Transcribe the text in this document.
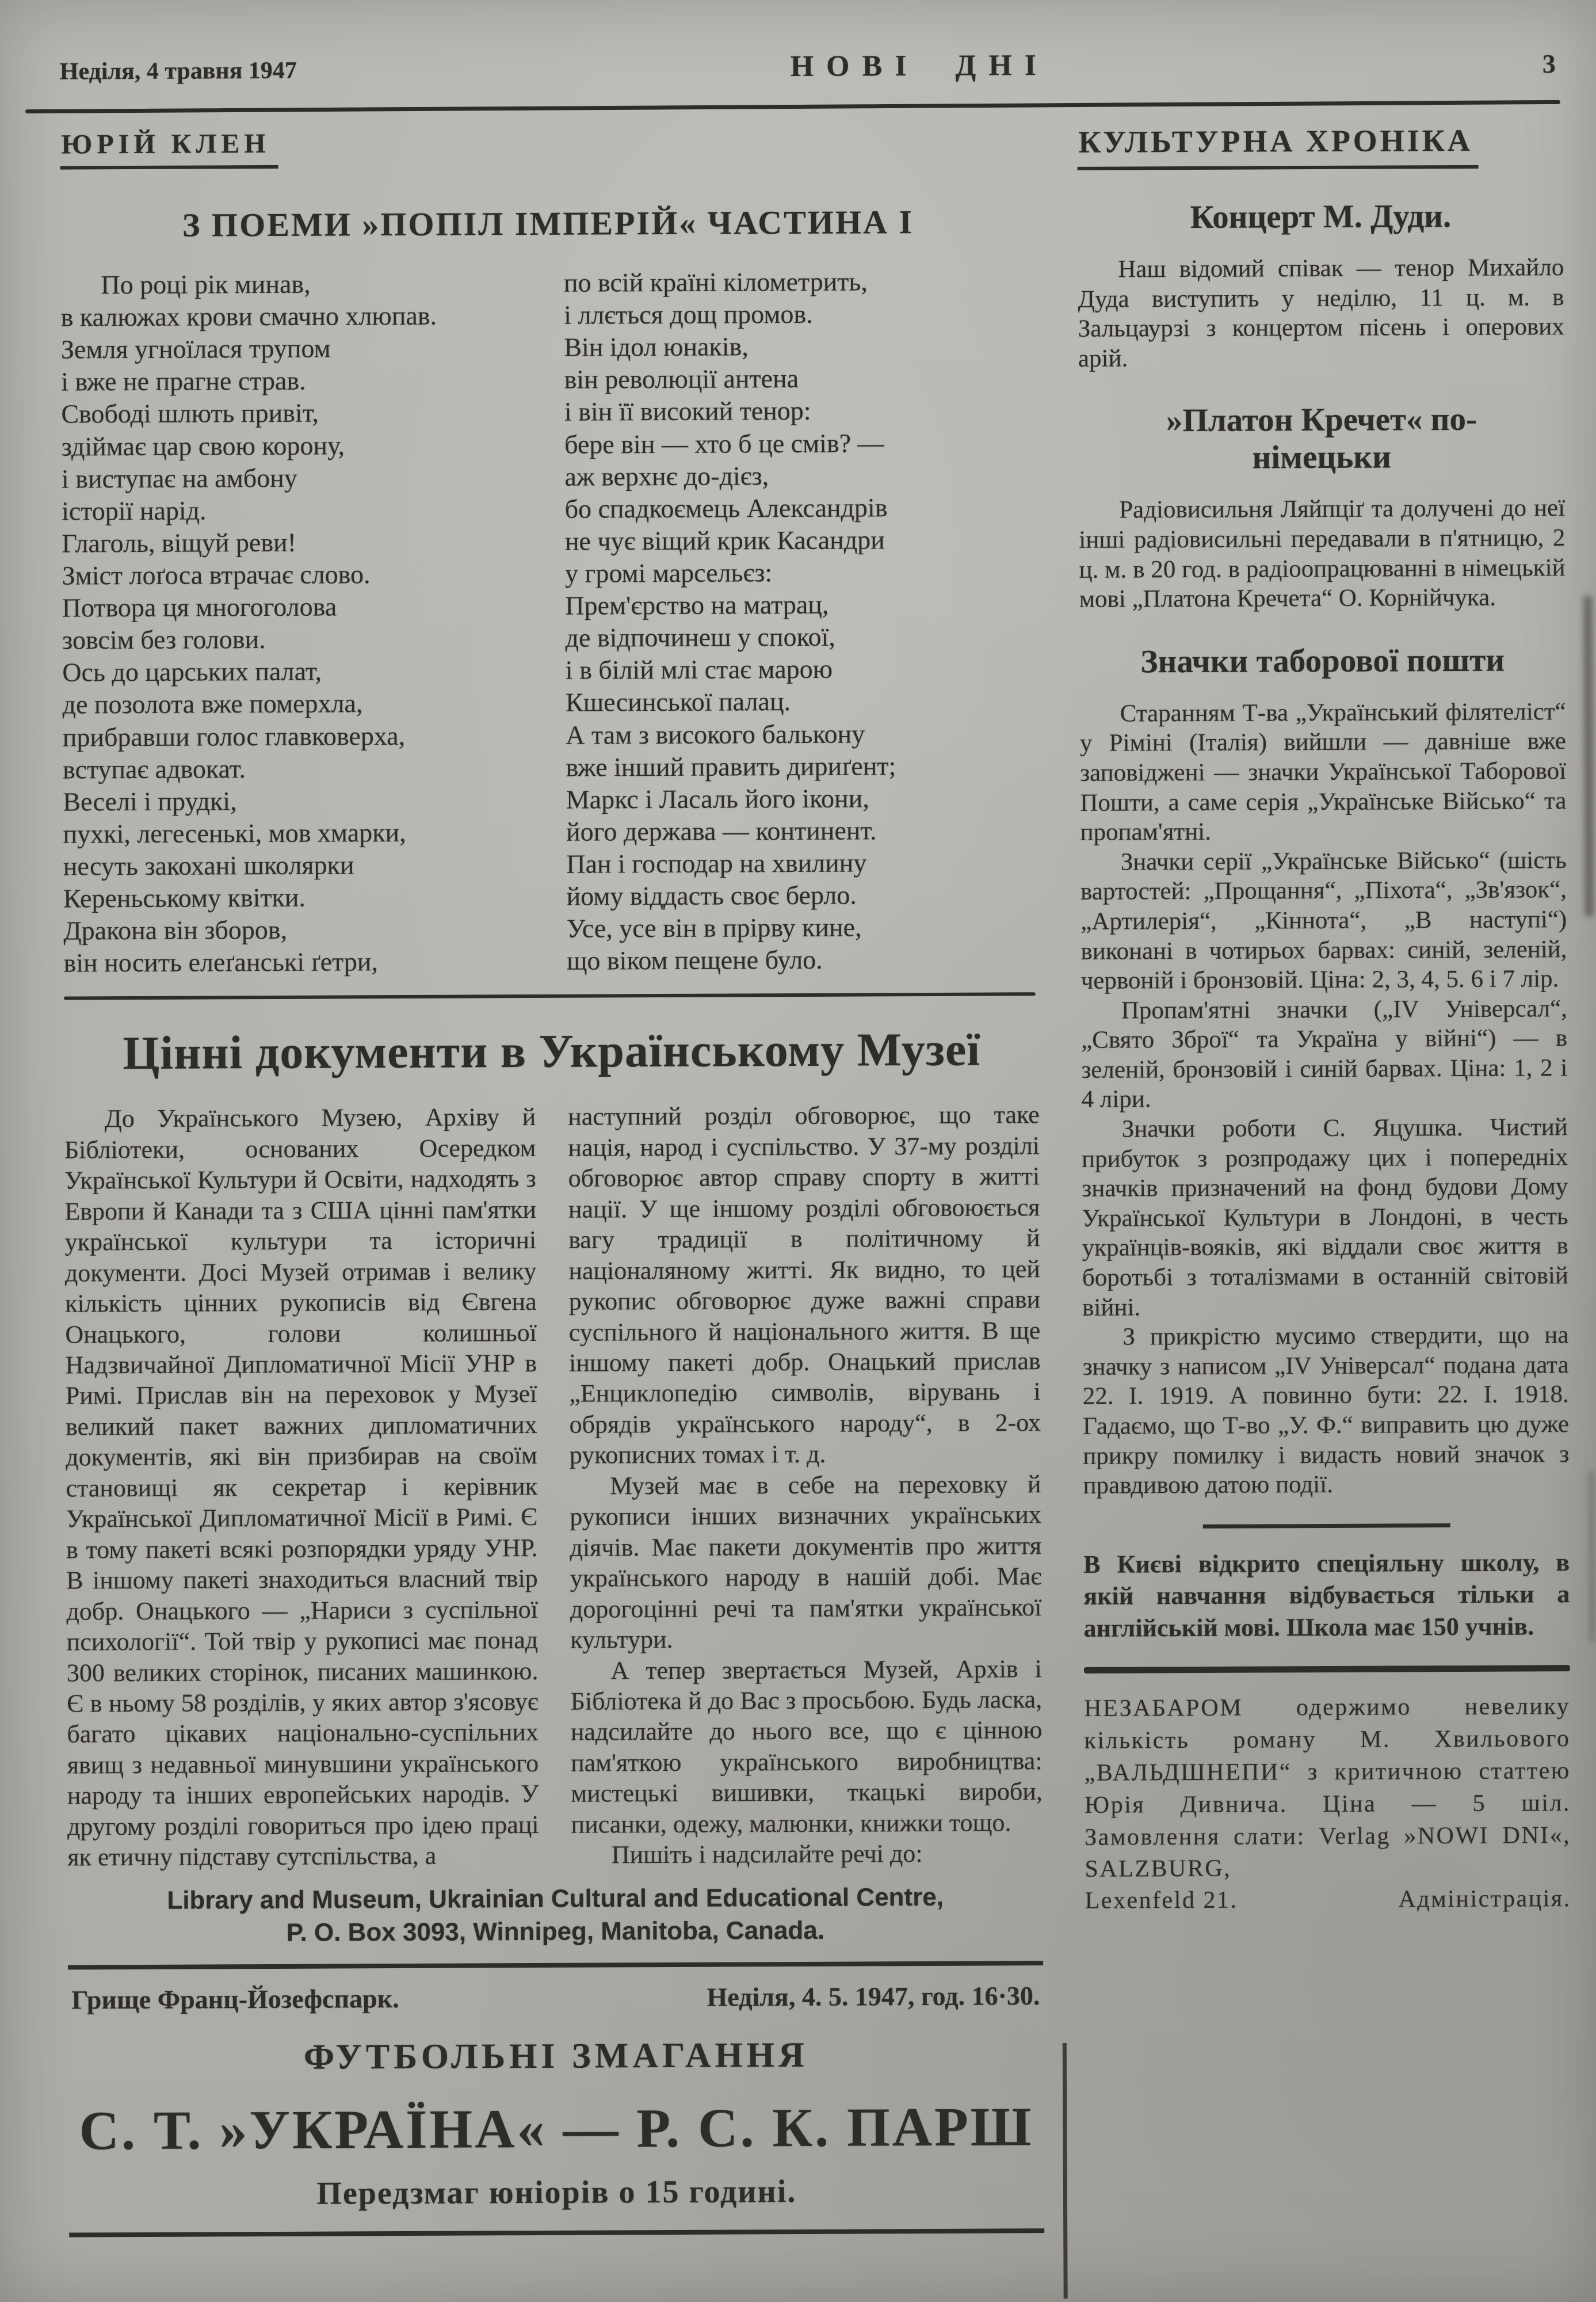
Неділя, 4 травня 1947	НОВІ ДНІ	3
ЮРІЙ КЛЕН
З ПОЕМИ »ПОПІЛ ІМПЕРІЙ« ЧАСТИНА І
По році рік минав,
в калюжах крови смачно хлюпав.
Земля угноїлася трупом
і вже не прагне страв.
Свободі шлють привіт,
здіймає цар свою корону,
і виступає на амбону
історії нарід.
Глаголь, віщуй реви!
Зміст лоґоса втрачає слово.
Потвора ця многоголова
зовсім без голови.
Ось до царських палат,
де позолота вже померхла,
прибравши голос главковерха,
вступає адвокат.
Веселі і прудкі,
пухкі, легесенькі, мов хмарки,
несуть закохані школярки
Кереньському квітки.
Дракона він зборов,
він носить елеґанські ґетри,
по всій країні кілометрить,
і ллється дощ промов.
Він ідол юнаків,
він революції антена
і він її високий тенор:
бере він — хто б це смів? —
аж верхнє до-дієз,
бо спадкоємець Александрів
не чує віщий крик Касандри
у громі марсельєз:
Прем'єрство на матрац,
де відпочинеш у спокої,
і в білій млі стає марою
Кшесинської палац.
А там з високого балькону
вже інший править дириґент;
Маркс і Ласаль його ікони,
його держава — континент.
Пан і господар на хвилину
йому віддасть своє берло.
Усе, усе він в прірву кине,
що віком пещене було.
Цінні документи в Українському Музеї

До Українського Музею, Архіву й Бібліотеки, основаних Осередком Української Культури й Освіти, надходять з Европи й Канади та з США цінні пам'ятки української культури та історичні документи. Досі Музей отримав і велику кількість цінних рукописів від Євгена Онацького, голови колишньої Надзвичайної Дипломатичної Місії УНР в Римі. Прислав він на переховок у Музеї великий пакет важних дипломатичних документів, які він призбирав на своїм становищі як секретар і керівник Української Дипломатичної Місії в Римі. Є в тому пакеті всякі розпорядки уряду УНР. В іншому пакеті знаходиться власний твір добр. Онацького — „Нариси з суспільної психології“. Той твір у рукописі має понад 300 великих сторінок, писаних машинкою. Є в ньому 58 розділів, у яких автор з'ясовує багато цікавих національно-суспільних явищ з недавньої минувшини українського народу та інших европейських народів. У другому розділі говориться про ідею праці як етичну підставу сутспільства, а

наступний розділ обговорює, що таке нація, народ і суспільство. У 37-му розділі обговорює автор справу спорту в житті нації. У ще іншому розділі обговоюється вагу традиції в політичному й націоналяному житті. Як видно, то цей рукопис обговорює дуже важні справи суспільного й національного життя. В ще іншому пакеті добр. Онацький прислав „Енциклопедію символів, вірувань і обрядів українського народу“, в 2-ох рукописних томах і т. д.

Музей має в себе на переховку й рукописи інших визначних українських діячів. Має пакети документів про життя українського народу в нашій добі. Має дорогоцінні речі та пам'ятки української культури.

А тепер звертається Музей, Архів і Бібліотека й до Вас з просьбою. Будь ласка, надсилайте до нього все, що є цінною пам'яткою українського виробництва: мистецькі вишивки, ткацькі вироби, писанки, одежу, малюнки, книжки тощо.

Пишіть і надсилайте речі до:

Library and Museum, Ukrainian Cultural and Educational Centre,
P. O. Box 3093, Winnipeg, Manitoba, Canada.
Грище Франц-Йозефспарк.	Неділя, 4. 5. 1947, год. 16·30.
ФУТБОЛЬНІ ЗМАГАННЯ
С. Т. »УКРАЇНА« — Р. С. К. ПАРШ
Передзмаг юніорів о 15 годині.
КУЛЬТУРНА ХРОНІКА
Концерт М. Дуди.

Наш відомий співак — тенор Михайло Дуда виступить у неділю, 11 ц. м. в Зальцаурзі з концертом пісень і оперових арій.

»Платон Кречет« по-німецьки

Радіовисильня Ляйпціґ та долучені до неї інші радіовисильні передавали в п'ятницю, 2 ц. м. в 20 год. в радіоопрацюванні в німецькій мові „Платона Кречета“ О. Корнійчука.

Значки таборової пошти

Старанням Т-ва „Український філятеліст“ у Ріміні (Італія) вийшли — давніше вже заповіджені — значки Української Таборової Пошти, а саме серія „Українське Військо“ та пропам'ятні.

Значки серії „Українське Військо“ (шість вартостей: „Прощання“, „Піхота“, „Зв'язок“, „Артилерія“, „Кіннота“, „В наступі“) виконані в чотирьох барвах: синій, зеленій, червоній і бронзовій. Ціна: 2, 3, 4, 5. 6 і 7 лір.

Пропам'ятні значки („IV Універсал“, „Свято Зброї“ та Україна у війні“) — в зеленій, бронзовій і синій барвах. Ціна: 1, 2 і 4 ліри.

Значки роботи С. Яцушка. Чистий прибуток з розпродажу цих і попередніх значків призначений на фонд будови Дому Української Культури в Лондоні, в честь українців-вояків, які віддали своє життя в боротьбі з тоталізмами в останній світовій війні.

З прикрістю мусимо ствердити, що на значку з написом „IV Універсал“ подана дата 22. І. 1919. А повинно бути: 22. І. 1918. Гадаємо, що Т-во „У. Ф.“ виправить цю дуже прикру помилку і видасть новий значок з правдивою датою події.

В Києві відкрито спеціяльну школу, в якій навчання відбувається тільки а англійській мові. Школа має 150 учнів.

НЕЗАБАРОМ одержимо невелику кількість роману М. Хвильового „ВАЛЬДШНЕПИ“ з критичною статтею Юрія Дивнича. Ціна — 5 шіл. Замовлення слати: Verlag »NOWI DNI«, SALZBURG,

Lexenfeld 21.	Адміністрація.
